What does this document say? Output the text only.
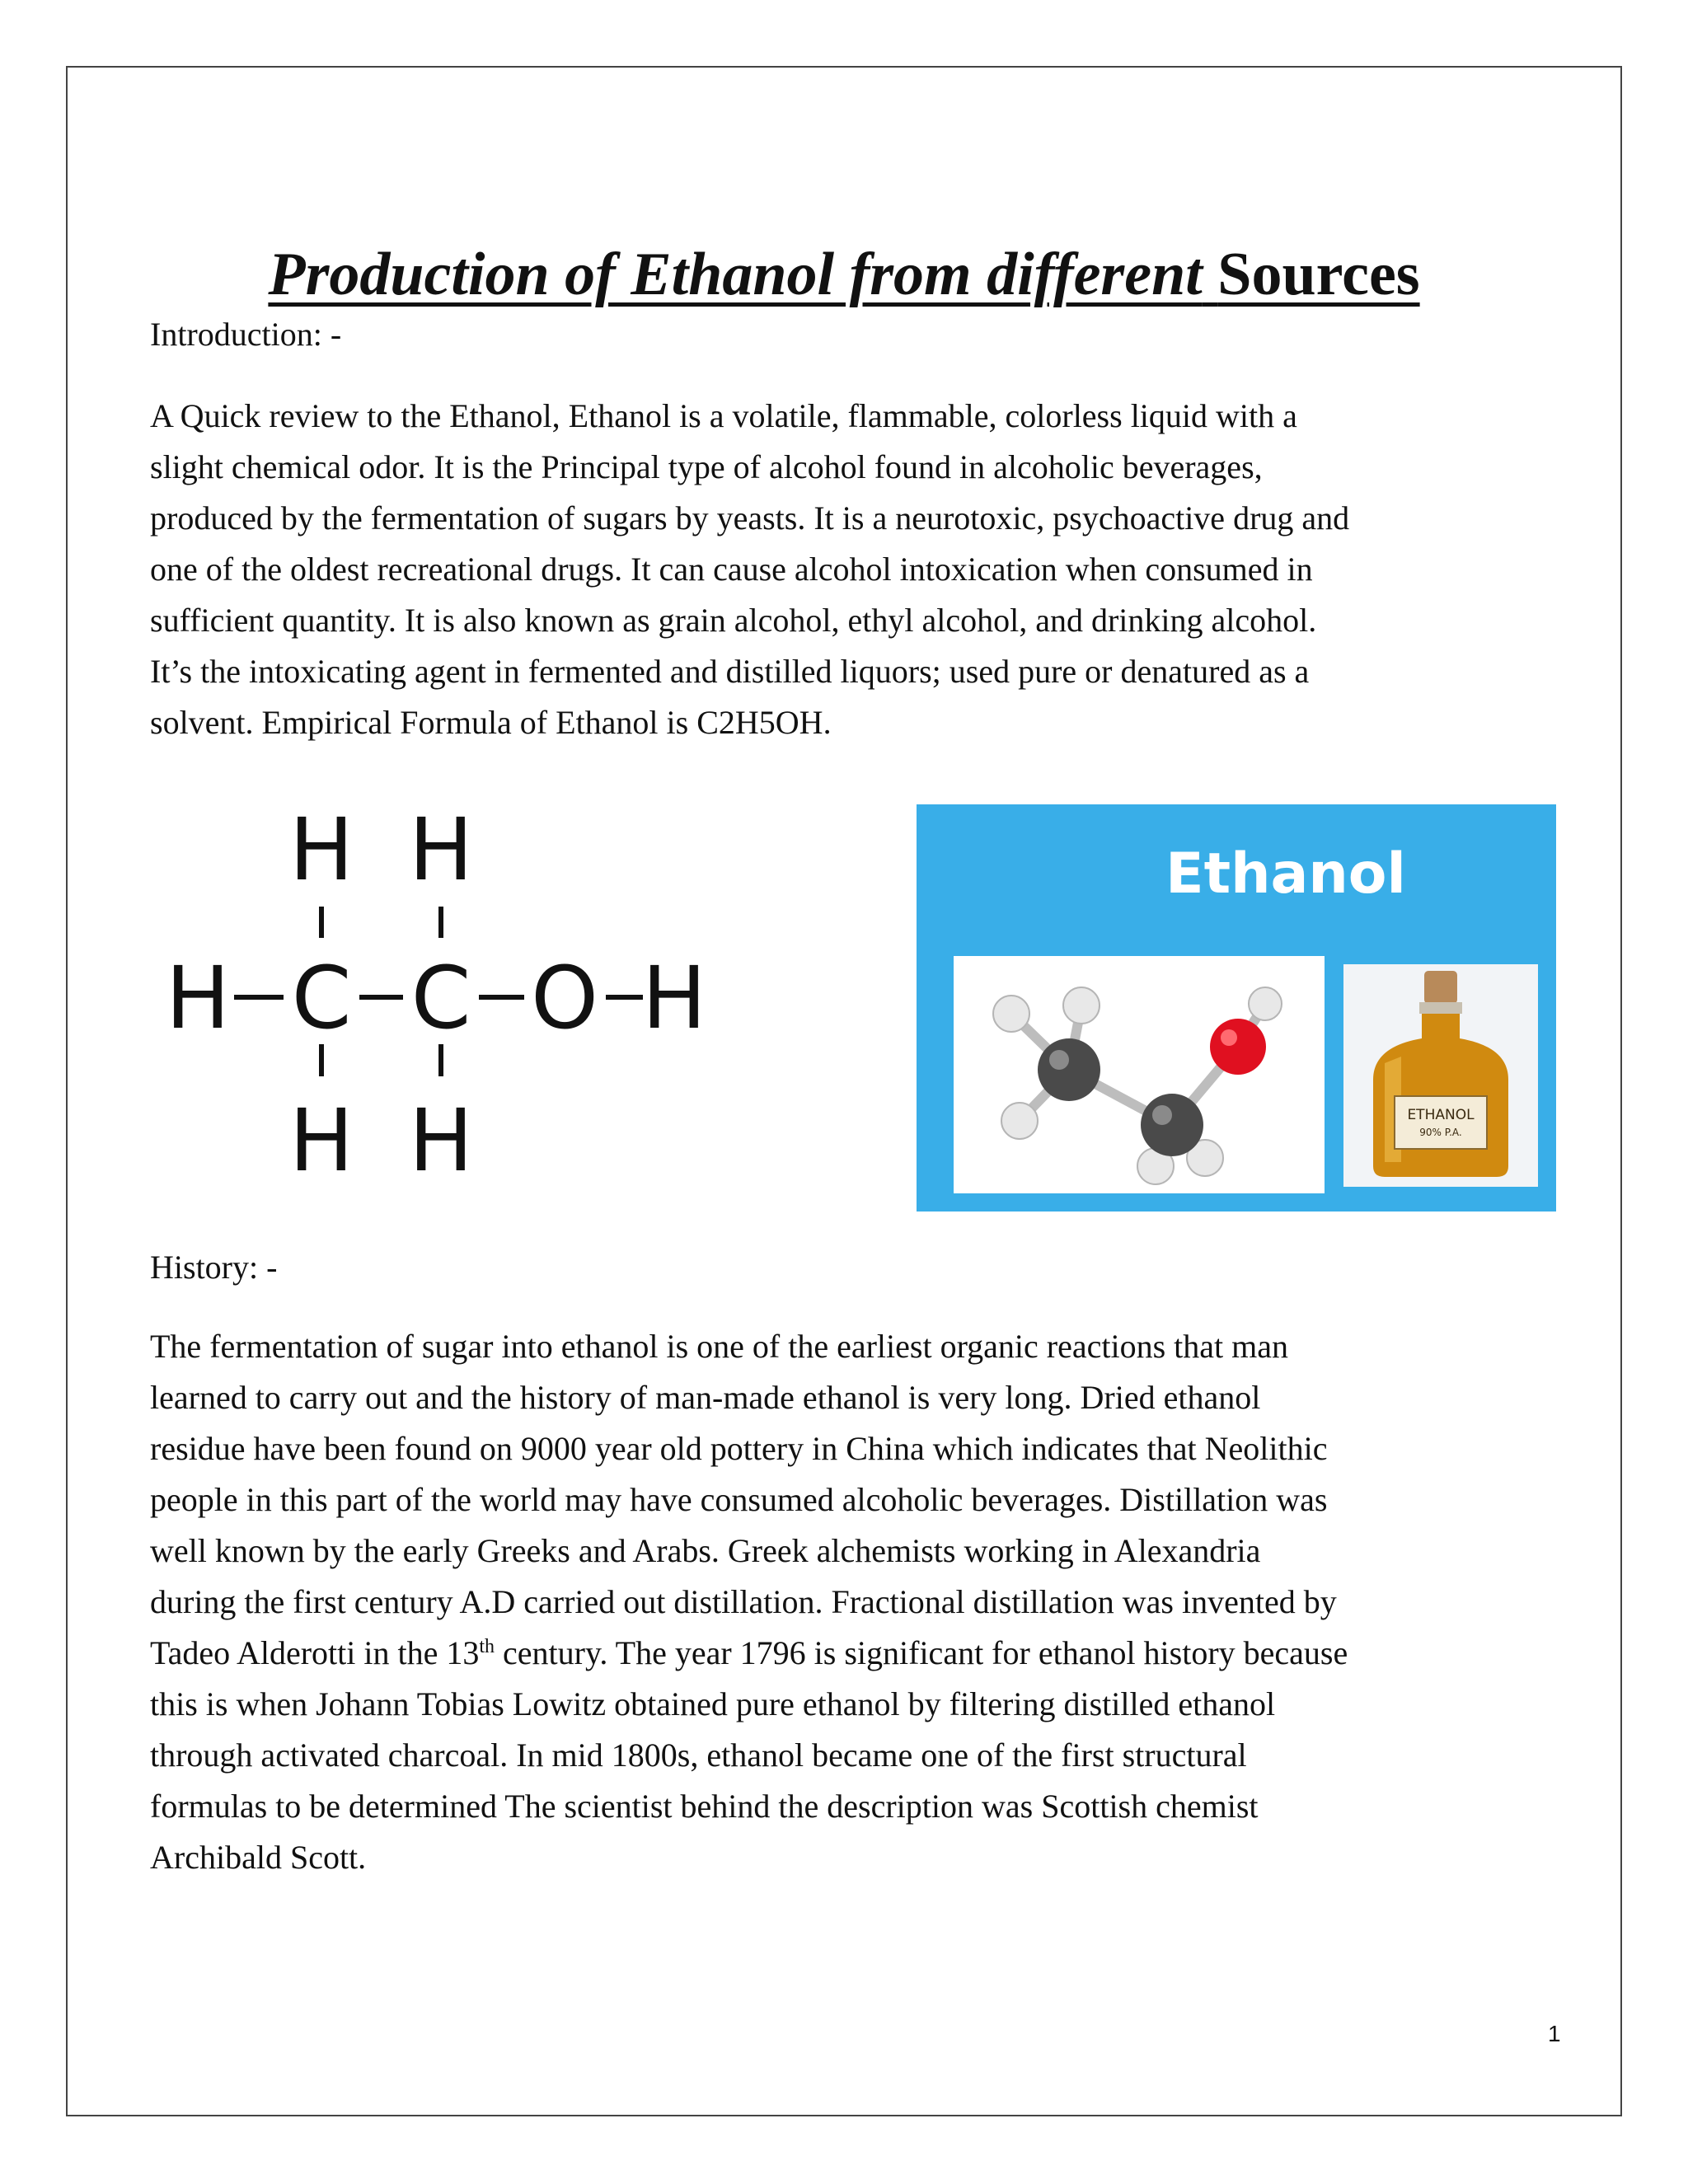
Production of Ethanol from different Sources
Introduction: -

A Quick review to the Ethanol, Ethanol is a volatile, flammable, colorless liquid with a

slight chemical odor. It is the Principal type of alcohol found in alcoholic beverages,

produced by the fermentation of sugars by yeasts. It is a neurotoxic, psychoactive drug and

one of the oldest recreational drugs. It can cause alcohol intoxication when consumed in

sufficient quantity. It is also known as grain alcohol, ethyl alcohol, and drinking alcohol.

It’s the intoxicating agent in fermented and distilled liquors; used pure or denatured as a

solvent. Empirical Formula of Ethanol is C2H5OH.

H H
H C C O H
H H
Ethanol
ETHANOL
90% P.A.
History: -

The fermentation of sugar into ethanol is one of the earliest organic reactions that man

learned to carry out and the history of man-made ethanol is very long. Dried ethanol

residue have been found on 9000 year old pottery in China which indicates that Neolithic

people in this part of the world may have consumed alcoholic beverages. Distillation was

well known by the early Greeks and Arabs. Greek alchemists working in Alexandria

during the first century A.D carried out distillation. Fractional distillation was invented by

Tadeo Alderotti in the 13th century. The year 1796 is significant for ethanol history because

this is when Johann Tobias Lowitz obtained pure ethanol by filtering distilled ethanol

through activated charcoal. In mid 1800s, ethanol became one of the first structural

formulas to be determined The scientist behind the description was Scottish chemist

Archibald Scott.

1
